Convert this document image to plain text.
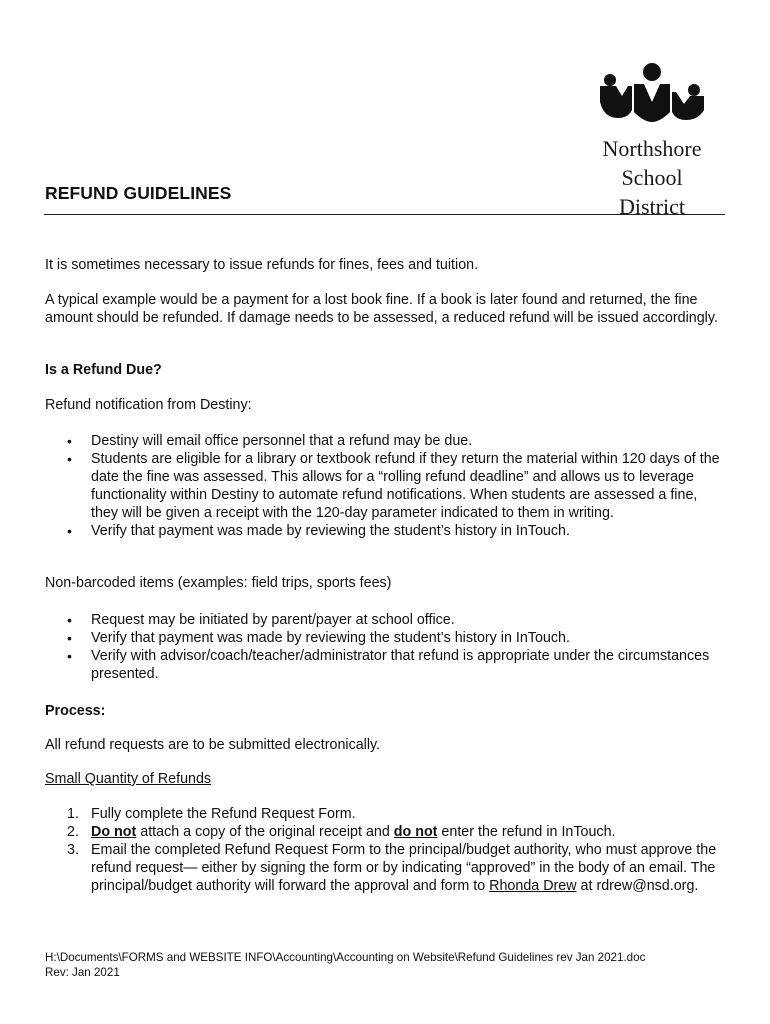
Northshore
School
District
REFUND GUIDELINES

It is sometimes necessary to issue refunds for fines, fees and tuition.

A typical example would be a payment for a lost book fine. If a book is later found and returned, the fine amount should be refunded. If damage needs to be assessed, a reduced refund will be issued accordingly.

Is a Refund Due?

Refund notification from Destiny:

• Destiny will email office personnel that a refund may be due.
• Students are eligible for a library or textbook refund if they return the material within 120 days of the date the fine was assessed. This allows for a “rolling refund deadline” and allows us to leverage functionality within Destiny to automate refund notifications. When students are assessed a fine, they will be given a receipt with the 120-day parameter indicated to them in writing.
• Verify that payment was made by reviewing the student’s history in InTouch.

Non-barcoded items (examples: field trips, sports fees)

• Request may be initiated by parent/payer at school office.
• Verify that payment was made by reviewing the student’s history in InTouch.
• Verify with advisor/coach/teacher/administrator that refund is appropriate under the circumstances presented.

Process:

All refund requests are to be submitted electronically.

Small Quantity of Refunds

1. Fully complete the Refund Request Form.
2. Do not attach a copy of the original receipt and do not enter the refund in InTouch.
3. Email the completed Refund Request Form to the principal/budget authority, who must approve the refund request— either by signing the form or by indicating “approved” in the body of an email. The principal/budget authority will forward the approval and form to Rhonda Drew at rdrew@nsd.org.
H:\Documents\FORMS and WEBSITE INFO\Accounting\Accounting on Website\Refund Guidelines rev Jan 2021.doc
Rev: Jan 2021
